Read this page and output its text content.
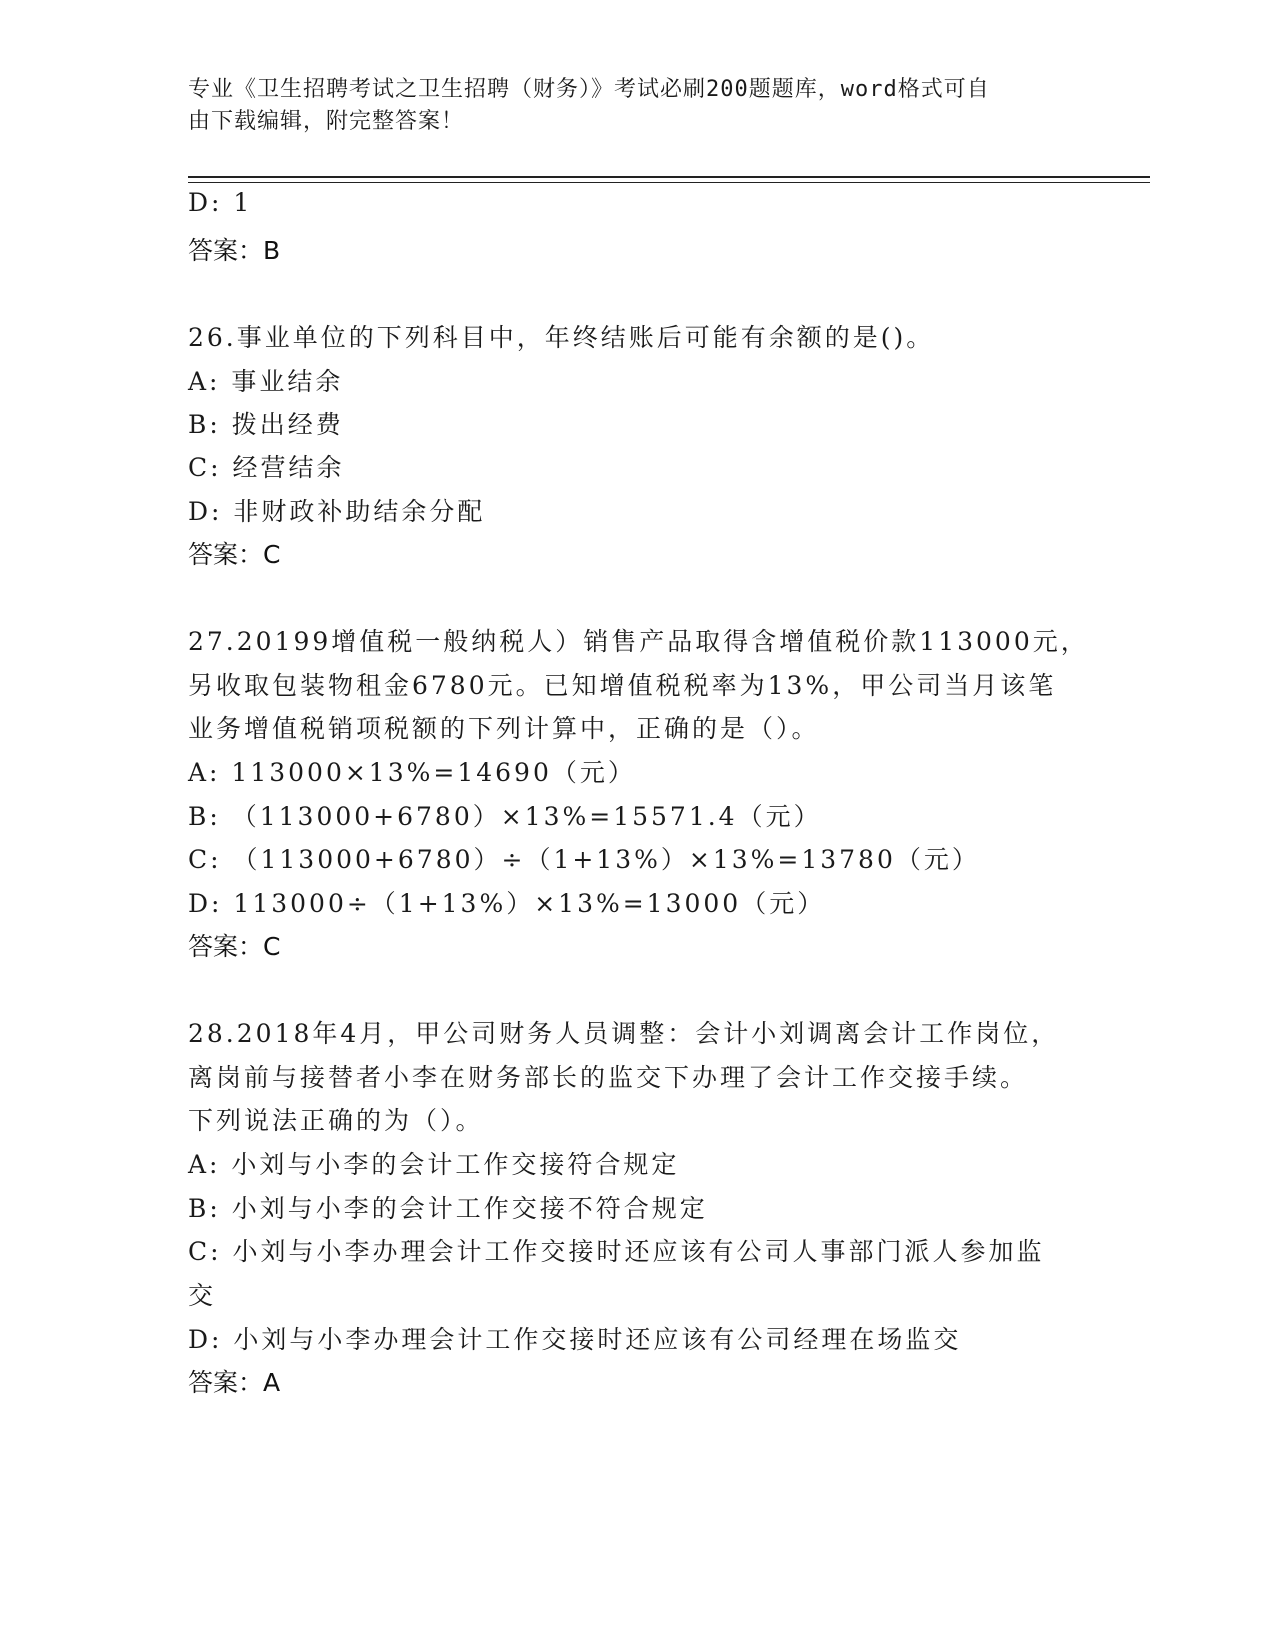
专业《卫生招聘考试之卫生招聘（财务）》考试必刷200题题库，word格式可自
由下载编辑，附完整答案！
D: 1
答案：B
26.事业单位的下列科目中，年终结账后可能有余额的是()。
A: 事业结余
B: 拨出经费
C: 经营结余
D: 非财政补助结余分配
答案：C
27.20199增值税一般纳税人）销售产品取得含增值税价款113000元，
另收取包装物租金6780元。已知增值税税率为13%，甲公司当月该笔
业务增值税销项税额的下列计算中，正确的是（）。
A: 113000×13%=14690（元）
B: （113000+6780）×13%=15571.4（元）
C: （113000+6780）÷（1+13%）×13%=13780（元）
D: 113000÷（1+13%）×13%=13000（元）
答案：C
28.2018年4月，甲公司财务人员调整：会计小刘调离会计工作岗位，
离岗前与接替者小李在财务部长的监交下办理了会计工作交接手续。
下列说法正确的为（）。
A: 小刘与小李的会计工作交接符合规定
B: 小刘与小李的会计工作交接不符合规定
C: 小刘与小李办理会计工作交接时还应该有公司人事部门派人参加监
交
D: 小刘与小李办理会计工作交接时还应该有公司经理在场监交
答案：A
